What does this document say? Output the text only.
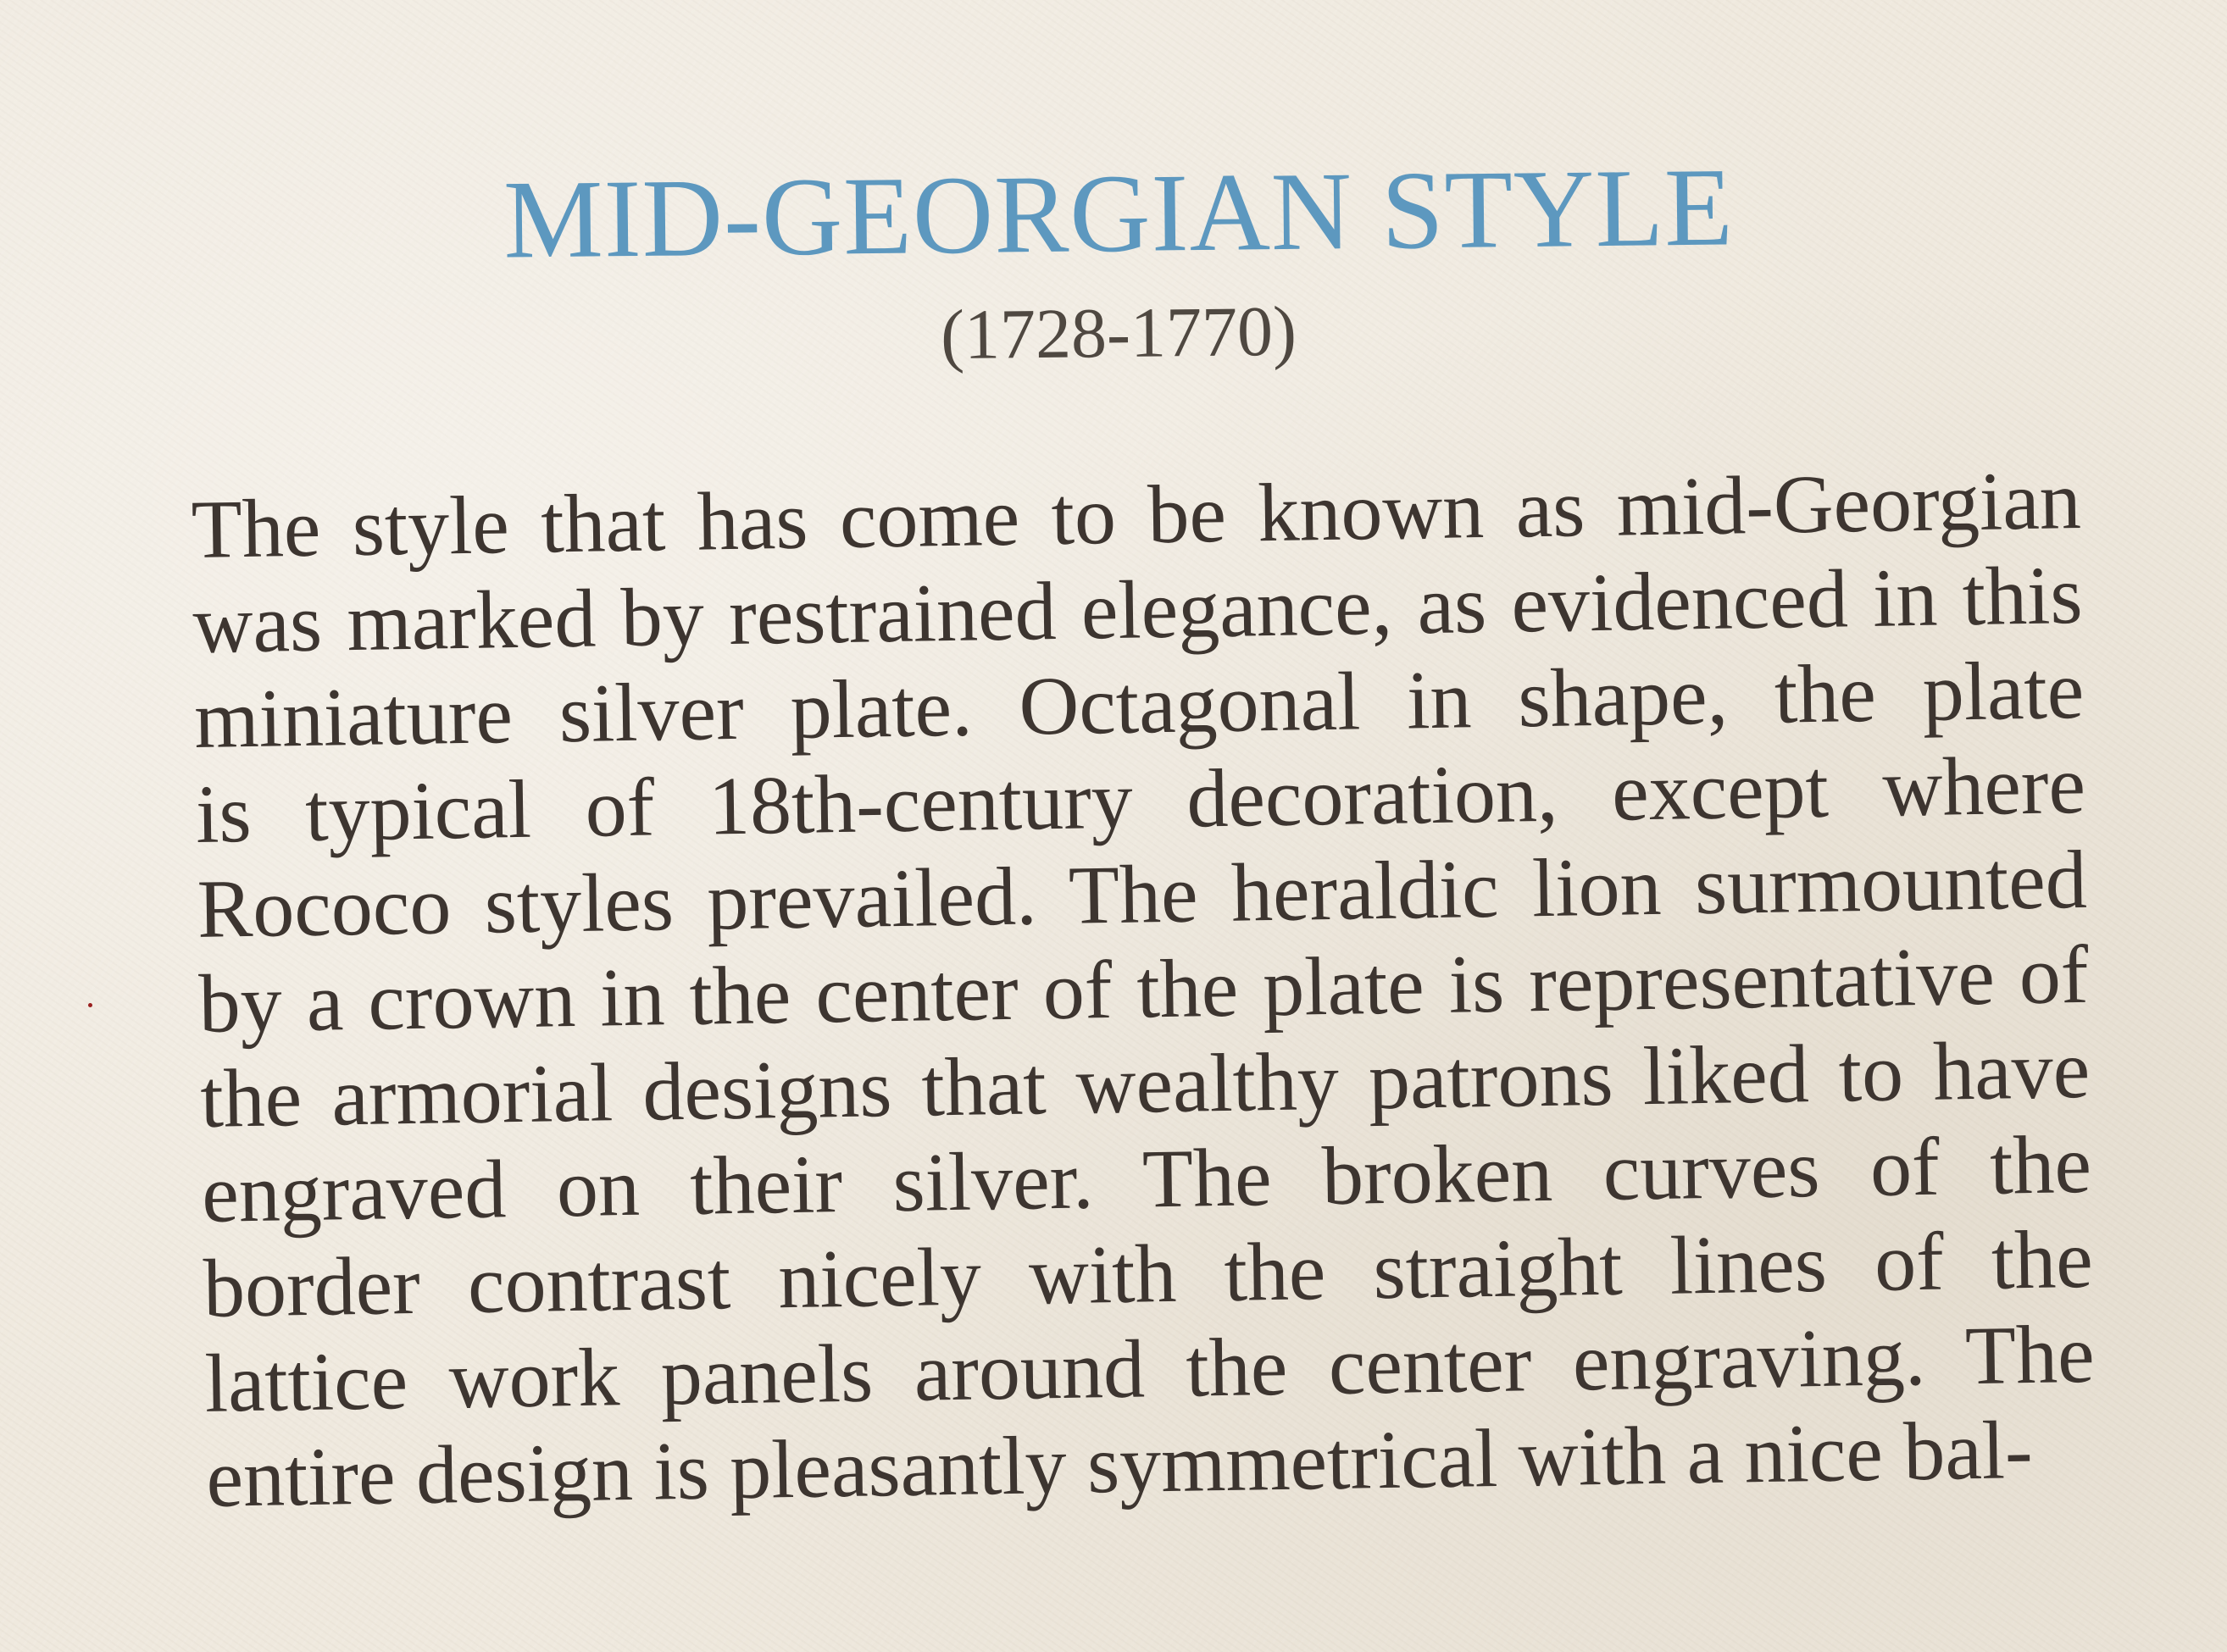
MID-GEORGIAN STYLE
(1728-1770)
The style that has come to be known as mid-Georgian
was marked by restrained elegance, as evidenced in this
miniature silver plate. Octagonal in shape, the plate
is typical of 18th-century decoration, except where
Rococo styles prevailed. The heraldic lion surmounted
by a crown in the center of the plate is representative of
the armorial designs that wealthy patrons liked to have
engraved on their silver. The broken curves of the
border contrast nicely with the straight lines of the
lattice work panels around the center engraving. The
entire design is pleasantly symmetrical with a nice bal-
